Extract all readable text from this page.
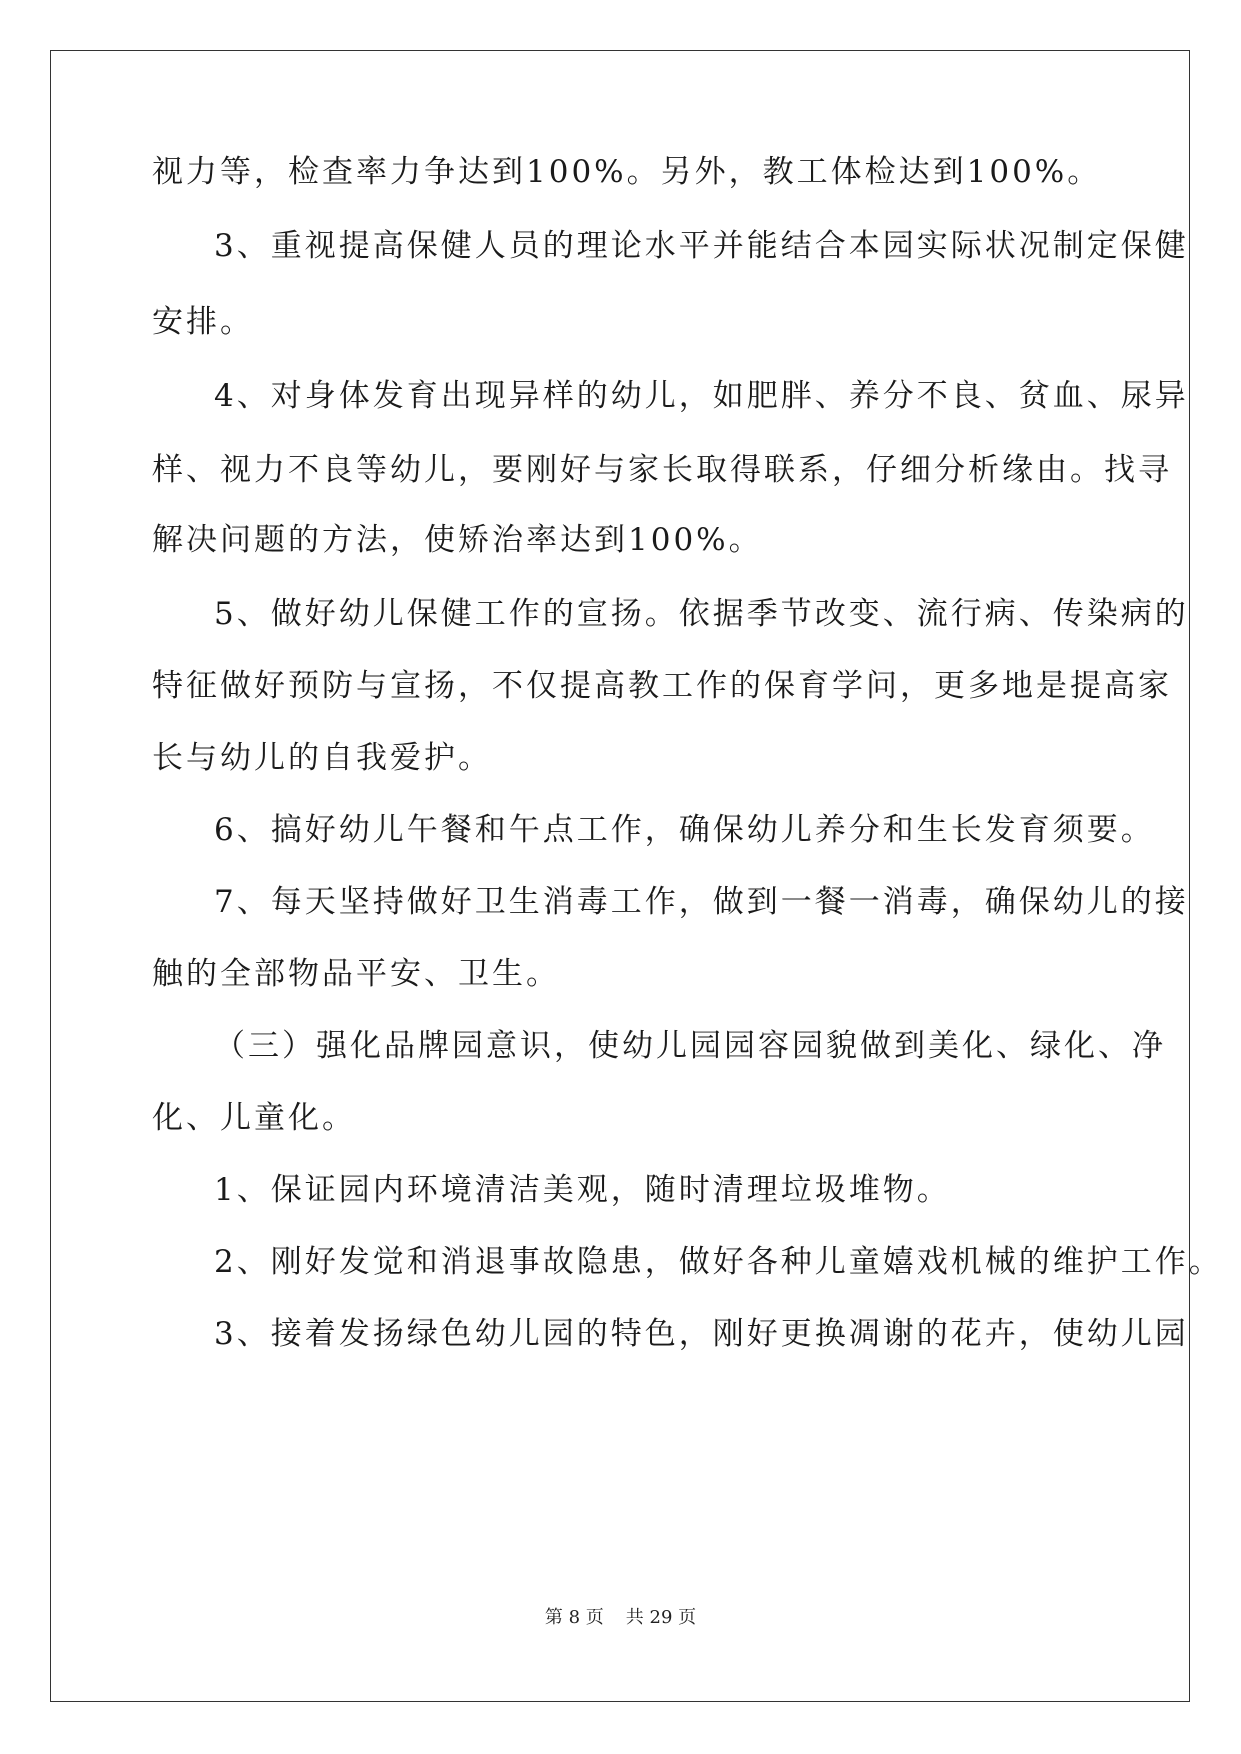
视力等，检查率力争达到100%。另外，教工体检达到100%。
3、重视提高保健人员的理论水平并能结合本园实际状况制定保健
安排。
4、对身体发育出现异样的幼儿，如肥胖、养分不良、贫血、尿异
样、视力不良等幼儿，要刚好与家长取得联系，仔细分析缘由。找寻
解决问题的方法，使矫治率达到100%。
5、做好幼儿保健工作的宣扬。依据季节改变、流行病、传染病的
特征做好预防与宣扬，不仅提高教工作的保育学问，更多地是提高家
长与幼儿的自我爱护。
6、搞好幼儿午餐和午点工作，确保幼儿养分和生长发育须要。
7、每天坚持做好卫生消毒工作，做到一餐一消毒，确保幼儿的接
触的全部物品平安、卫生。
（三）强化品牌园意识，使幼儿园园容园貌做到美化、绿化、净
化、儿童化。
1、保证园内环境清洁美观，随时清理垃圾堆物。
2、刚好发觉和消退事故隐患，做好各种儿童嬉戏机械的维护工作。
3、接着发扬绿色幼儿园的特色，刚好更换凋谢的花卉，使幼儿园
第 8 页 共 29 页
